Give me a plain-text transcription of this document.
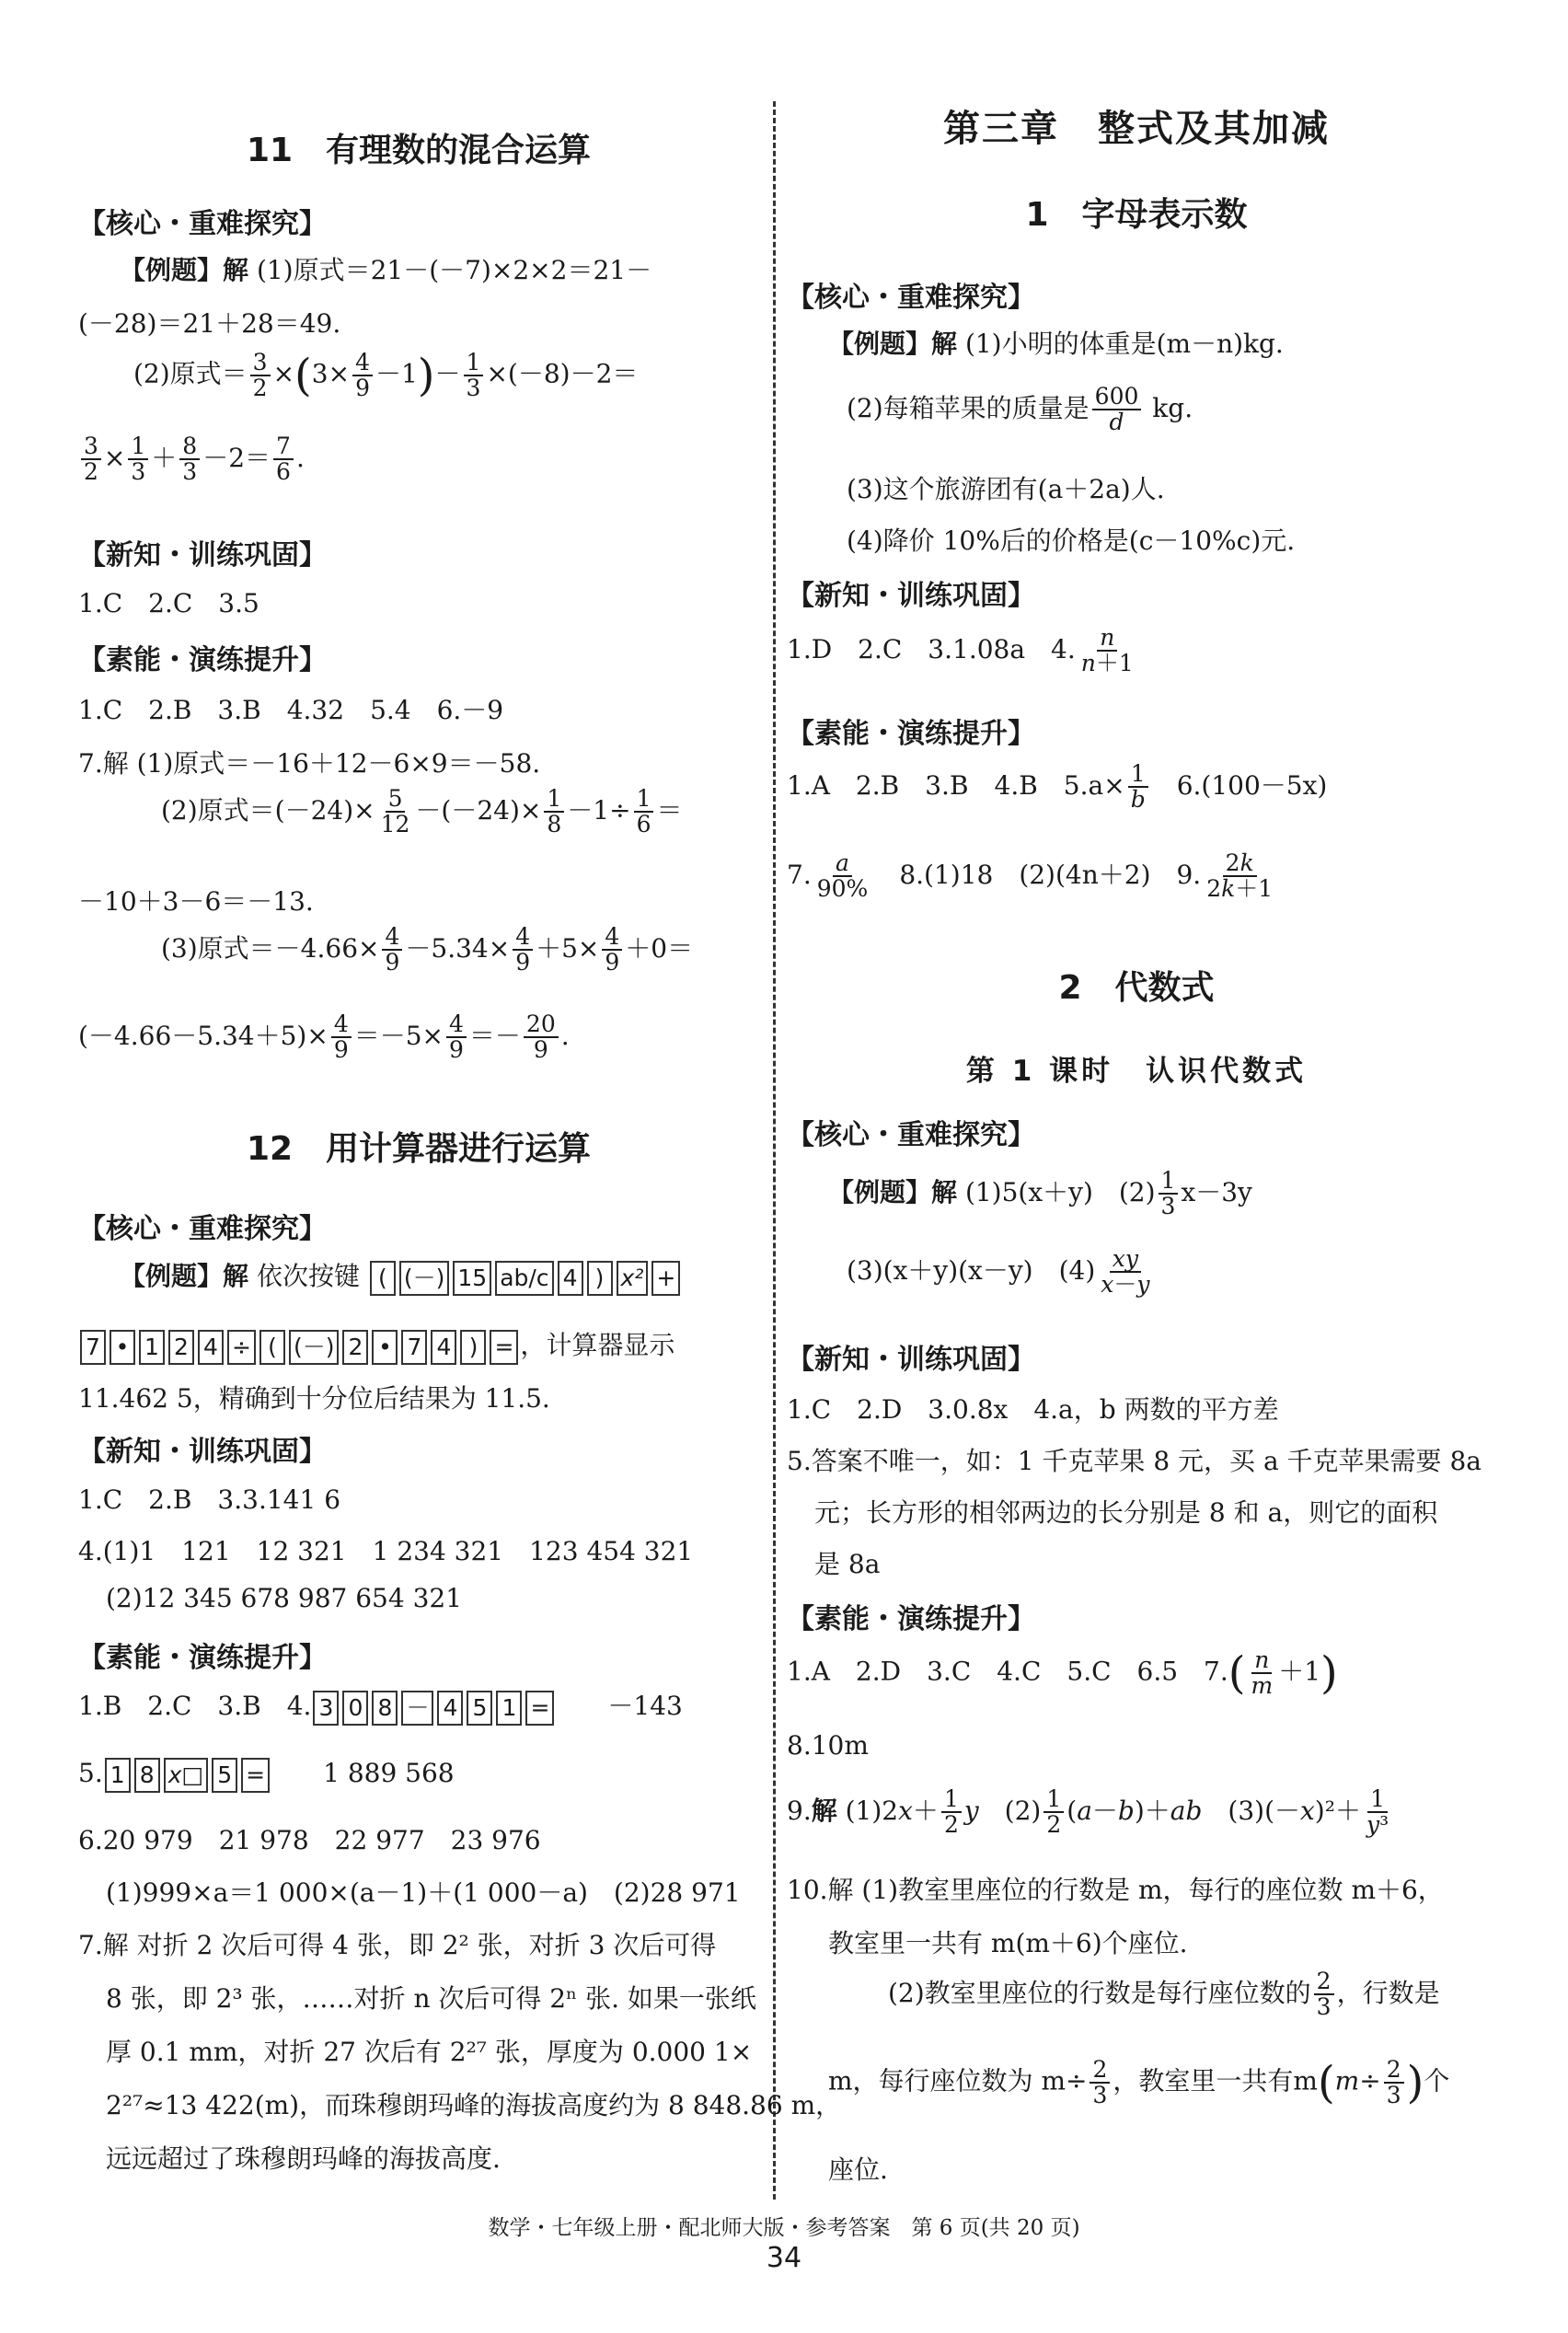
11　有理数的混合运算
【核心・重难探究】
【例题】解 (1)原式＝21－(－7)×2×2＝21－
(－28)＝21＋28＝49.
(2)原式＝ $\frac{3}{2} \times(3\times \frac{4}{9} -1)- \frac{1}{3} \times(-8)-2=$
$\frac{3}{2} \times \frac{1}{3} + \frac{8}{3} -2= \frac{7}{6}$ .
【新知・训练巩固】
1.C　2.C　3.5
【素能・演练提升】
1.C　2.B　3.B　4.32　5.4　6.－9
7.解 (1)原式＝－16＋12－6×9＝－58.
(2)原式$=(-24)\times \frac{5}{12} -(-24)\times \frac{1}{8} -1\div \frac{1}{6}$ ＝
－10＋3－6＝－13.
(3)原式$=-4.66\times \frac{4}{9} -5.34\times \frac{4}{9} +5\times \frac{4}{9} +0=$
$(-4.66-5.34+5)\times \frac{4}{9} =-5\times \frac{4}{9} =- \frac{20}{9}$ .
12　用计算器进行运算
【核心・重难探究】
【例题】解 依次按键 ( (－) 15 ab/c 4 ) x² +
7 • 1 2 4 ÷ ( (－) 2 • 7 4 ) = ，计算器显示
11.462 5，精确到十分位后结果为 11.5.
【新知・训练巩固】
1.C　2.B　3.3.141 6
4.(1)1　121　12 321　1 234 321　123 454 321
(2)12 345 678 987 654 321
【素能・演练提升】
1.B　2.C　3.B　4. 3 0 8 － 4 5 1 =　　 －143
5. 1 8 x□ 5 =　　 1 889 568
6.20 979　21 978　22 977　23 976
(1)999×a＝1 000×(a－1)＋(1 000－a)　(2)28 971
7.解 对折 2 次后可得 4 张，即 2² 张，对折 3 次后可得
8 张，即 2³ 张，……对折 n 次后可得 2ⁿ 张. 如果一张纸
厚 0.1 mm，对折 27 次后有 2²⁷ 张，厚度为 0.000 1×
2²⁷≈13 422(m)，而珠穆朗玛峰的海拔高度约为 8 848.86 m，
远远超过了珠穆朗玛峰的海拔高度.
第三章　整式及其加减
1　字母表示数
【核心・重难探究】
【例题】解 (1)小明的体重是(m－n)kg.
(2)每箱苹果的质量是 $\frac{600}{d}$ kg.
(3)这个旅游团有(a＋2a)人.
(4)降价 10%后的价格是(c－10%c)元.
【新知・训练巩固】
1.D　2.C　3.1.08a　4. $\frac{n}{n+1}$
【素能・演练提升】
1.A　2.B　3.B　4.B　$5.a\times \frac{1}{b}$
　 6.(100－5x)
7. $\frac{a}{90\%}$
　 8.(1)18　(2)(4n＋2)　9. $\frac{2k}{2k+1}$
2　代数式
第 1 课时　认识代数式
【核心・重难探究】
【例题】解 (1)5(x＋y)　$(2) \frac{1}{3} x-3y$
(3)(x＋y)(x－y)　$(4) \frac{xy}{x-y}$
【新知・训练巩固】
1.C　2.D　3.0.8x　4.a，b 两数的平方差
5.答案不唯一，如：1 千克苹果 8 元，买 a 千克苹果需要 8a
元；长方形的相邻两边的长分别是 8 和 a，则它的面积
是 8a
【素能・演练提升】
1.A　2.D　3.C　4.C　5.C　6.5　$7.( \frac{n}{m} +1)$
8.10m
9.解 $(1)2x+ \frac{1}{2}$ y　$(2) \frac{1}{2} (a-b)+ab$　$(3)(-x)^2+ \frac{1}{\text{y³}}$
10.解 (1)教室里座位的行数是 m，每行的座位数 m＋6，
教室里一共有 m(m＋6)个座位.
(2)教室里座位的行数是每行座位数的 $\frac{2}{3}$ ，行数是
m，每行座位数为 $m\div \frac{2}{3}$ ，教室里一共有$m(m\div \frac{2}{3}$ )个
座位.
数学・七年级上册・配北师大版・参考答案　第 6 页(共 20 页)
34
